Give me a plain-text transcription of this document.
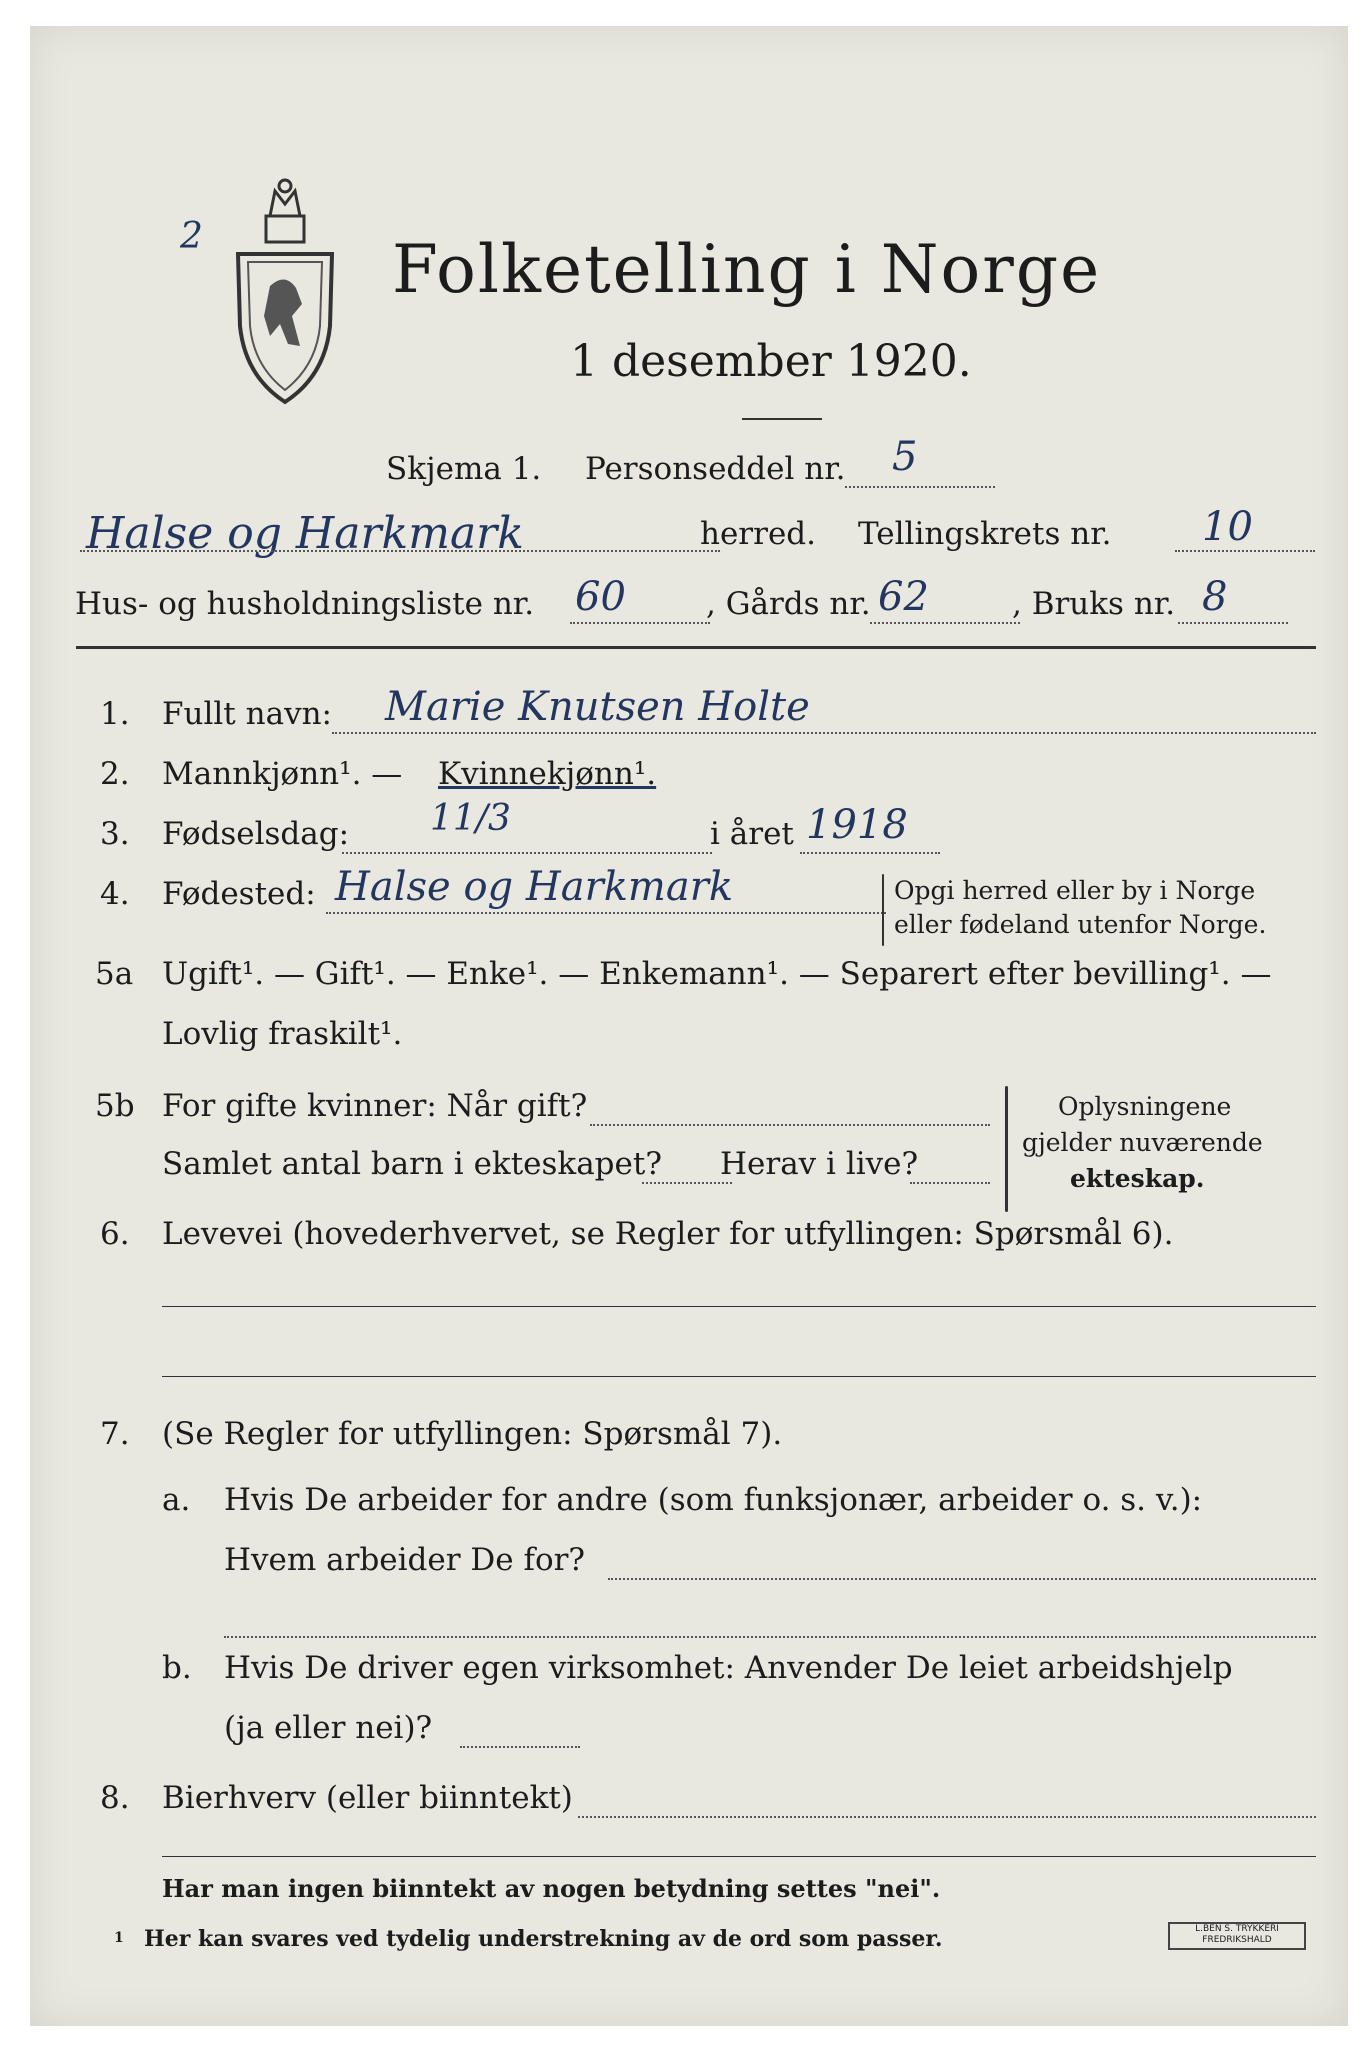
2	Folketelling i Norge
1 desember 1920.
Skjema 1. Personseddel nr. 5
Halse og Harkmark	herred. Tellingskrets nr. 10
Hus- og husholdningsliste nr. 60	, Gårds nr. 62	, Bruks nr. 8
1. Fullt navn: Marie Knutsen Holte
2. Mannkjønn¹. — Kvinnekjønn¹.
3. Fødselsdag: 11/3	i året 1918
4. Fødested: Halse og Harkmark	Opgi herred eller by i Norge
eller fødeland utenfor Norge.
5a Ugift¹. — Gift¹. — Enke¹. — Enkemann¹. — Separert efter bevilling¹. —
Lovlig fraskilt¹.
5b For gifte kvinner: Når gift?
Samlet antal barn i ekteskapet? Herav i live?
Oplysningene
gjelder nuværende
ekteskap.
6. Levevei (hovederhvervet, se Regler for utfyllingen: Spørsmål 6).
7. (Se Regler for utfyllingen: Spørsmål 7).
a. Hvis De arbeider for andre (som funksjonær, arbeider o. s. v.):
Hvem arbeider De for?
b. Hvis De driver egen virksomhet: Anvender De leiet arbeidshjelp
(ja eller nei)?
8. Bierhverv (eller biinntekt)
Har man ingen biinntekt av nogen betydning settes "nei".
1 Her kan svares ved tydelig understrekning av de ord som passer.	L.BEN S. TRYKKERI
FREDRIKSHALD
